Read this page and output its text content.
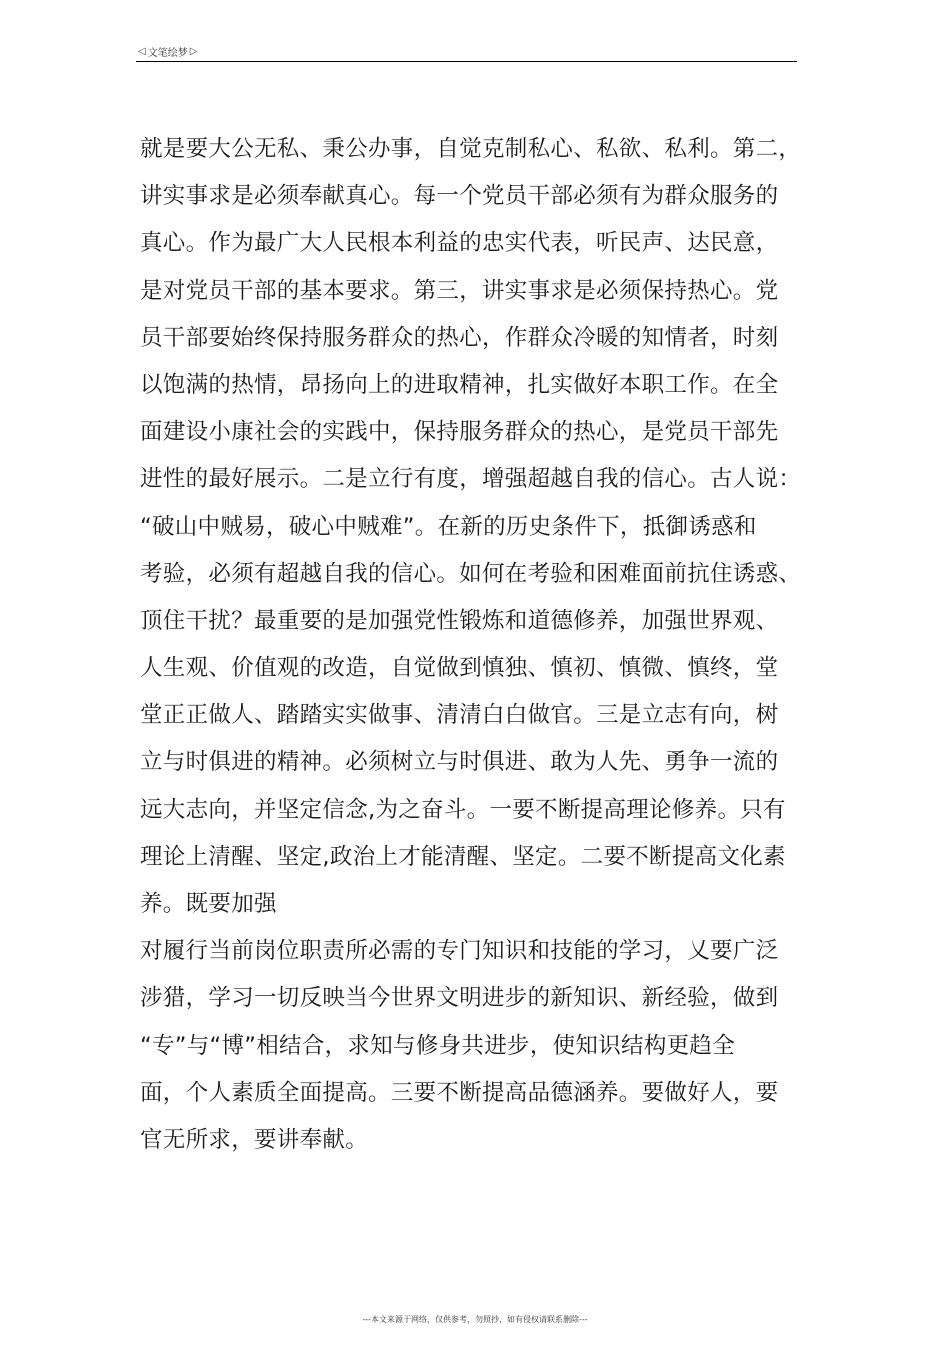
◁ 文笔绘梦 ▷
就是要大公无私、秉公办事，自觉克制私心、私欲、私利。第二，
讲实事求是必须奉献真心。每一个党员干部必须有为群众服务的
真心。作为最广大人民根本利益的忠实代表，听民声、达民意，
是对党员干部的基本要求。第三，讲实事求是必须保持热心。党
员干部要始终保持服务群众的热心，作群众冷暖的知情者，时刻
以饱满的热情，昂扬向上的进取精神，扎实做好本职工作。在全
面建设小康社会的实践中，保持服务群众的热心，是党员干部先
进性的最好展示。二是立行有度，增强超越自我的信心。古人说：
“破山中贼易，破心中贼难”。在新的历史条件下，抵御诱惑和
考验，必须有超越自我的信心。如何在考验和困难面前抗住诱惑、
顶住干扰？最重要的是加强党性锻炼和道德修养，加强世界观、
人生观、价值观的改造，自觉做到慎独、慎初、慎微、慎终，堂
堂正正做人、踏踏实实做事、清清白白做官。三是立志有向，树
立与时俱进的精神。必须树立与时俱进、敢为人先、勇争一流的
远大志向，并坚定信念,为之奋斗。一要不断提高理论修养。只有
理论上清醒、坚定,政治上才能清醒、坚定。二要不断提高文化素
养。既要加强
对履行当前岗位职责所必需的专门知识和技能的学习，乂要广泛
涉猎，学习一切反映当今世界文明进步的新知识、新经验，做到
“专”与“博”相结合，求知与修身共进步，使知识结构更趋全
面，个人素质全面提高。三要不断提高品德涵养。要做好人，要
官无所求，要讲奉献。
---本文来源于网络，仅供参考，勿照抄，如有侵权请联系删除---
